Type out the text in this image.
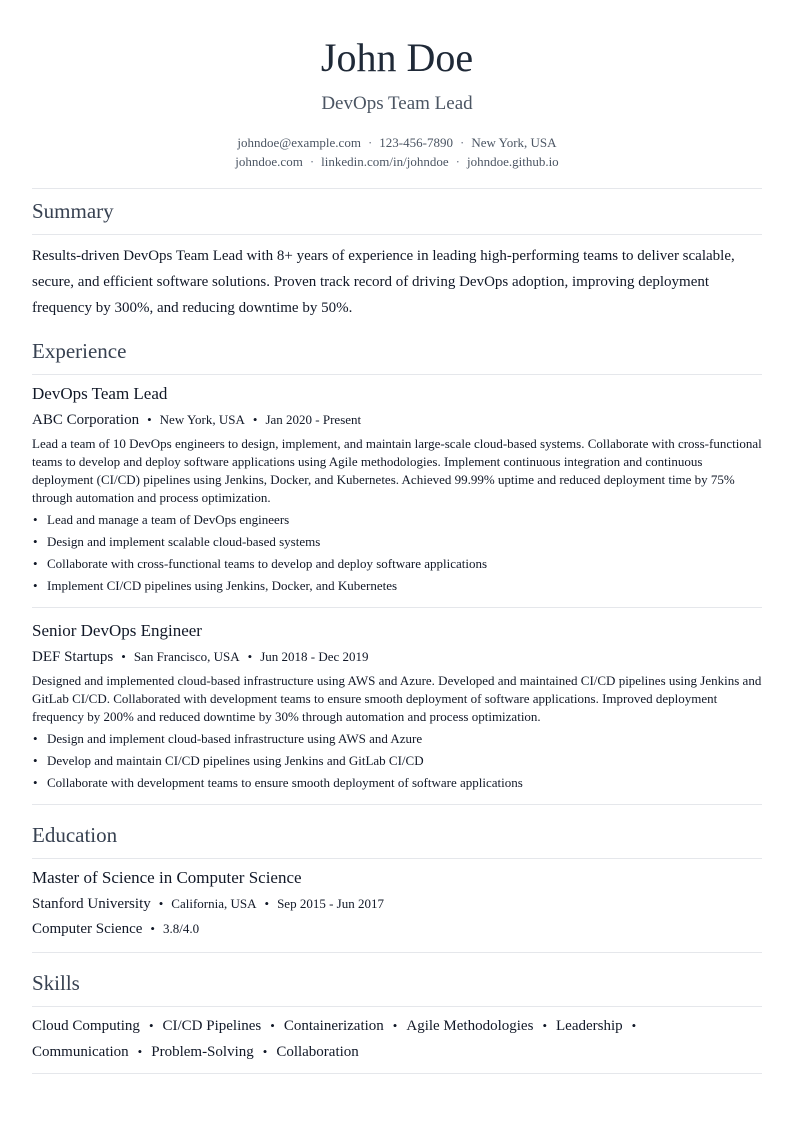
John Doe
DevOps Team Lead
johndoe@example.com · 123-456-7890 · New York, USA
johndoe.com · linkedin.com/in/johndoe · johndoe.github.io
Summary
Results-driven DevOps Team Lead with 8+ years of experience in leading high-performing teams to deliver scalable, secure, and efficient software solutions. Proven track record of driving DevOps adoption, improving deployment frequency by 300%, and reducing downtime by 50%.
Experience
DevOps Team Lead
ABC Corporation • New York, USA • Jan 2020 - Present
Lead a team of 10 DevOps engineers to design, implement, and maintain large-scale cloud-based systems. Collaborate with cross-functional teams to develop and deploy software applications using Agile methodologies. Implement continuous integration and continuous deployment (CI/CD) pipelines using Jenkins, Docker, and Kubernetes. Achieved 99.99% uptime and reduced deployment time by 75% through automation and process optimization.
• Lead and manage a team of DevOps engineers
• Design and implement scalable cloud-based systems
• Collaborate with cross-functional teams to develop and deploy software applications
• Implement CI/CD pipelines using Jenkins, Docker, and Kubernetes
Senior DevOps Engineer
DEF Startups • San Francisco, USA • Jun 2018 - Dec 2019
Designed and implemented cloud-based infrastructure using AWS and Azure. Developed and maintained CI/CD pipelines using Jenkins and GitLab CI/CD. Collaborated with development teams to ensure smooth deployment of software applications. Improved deployment frequency by 200% and reduced downtime by 30% through automation and process optimization.
• Design and implement cloud-based infrastructure using AWS and Azure
• Develop and maintain CI/CD pipelines using Jenkins and GitLab CI/CD
• Collaborate with development teams to ensure smooth deployment of software applications
Education
Master of Science in Computer Science
Stanford University • California, USA • Sep 2015 - Jun 2017
Computer Science • 3.8/4.0
Skills
Cloud Computing • CI/CD Pipelines • Containerization • Agile Methodologies • Leadership •
Communication • Problem-Solving • Collaboration
